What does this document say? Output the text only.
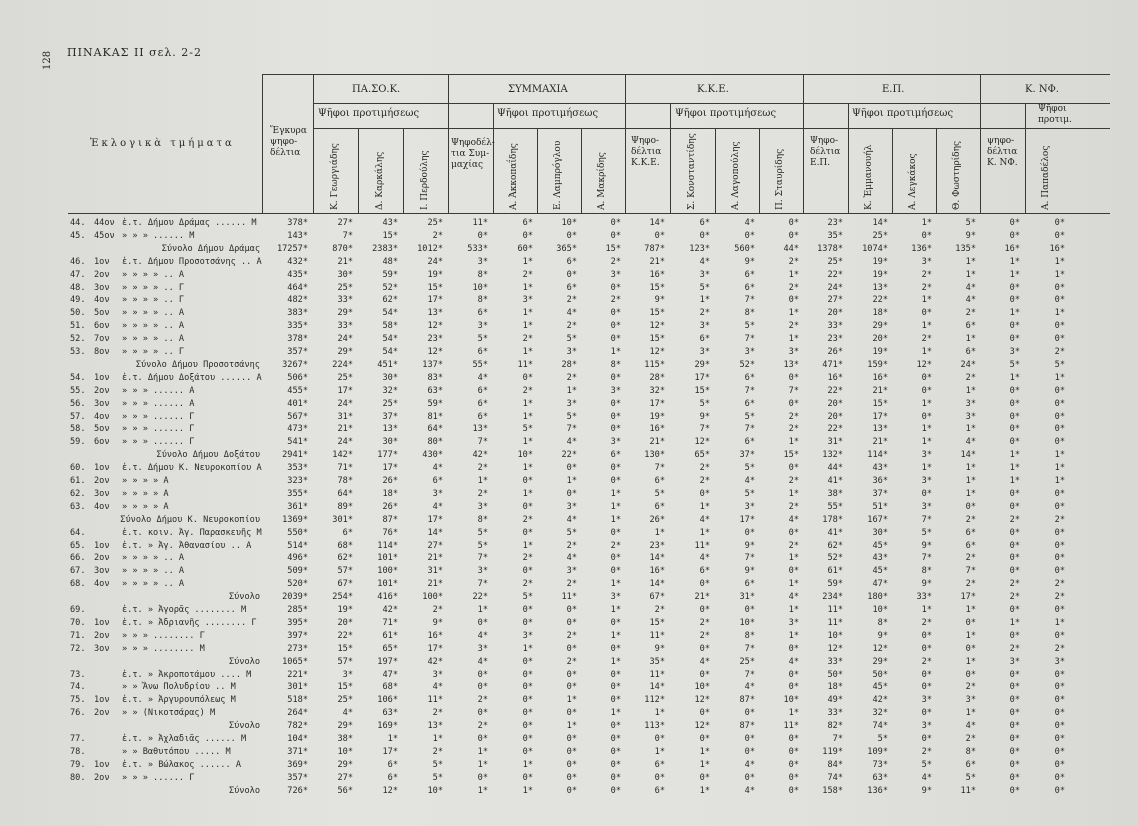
128 ΠΙΝΑΚΑΣ ΙΙ σελ. 2-2
Ἐκλογικὰ τμήματα
Ἔγκυρα
ψηφο-
δέλτια
ΠΑ.ΣΟ.Κ.	ΣΥΜΜΑΧΙΑ	Κ.Κ.Ε.	Ε.Π.	Κ. ΝΦ.
Ψῆφοι προτιμήσεως	Ψῆφοι προτιμήσεως	Ψῆφοι προτιμήσεως	Ψῆφοι προτιμήσεως	Ψῆφοι
προτιμ.
Ψηφοδέλ-
τια Συμ-
μαχίας
Ψηφο-
δέλτια
Κ.Κ.Ε.
Ψηφο-
δέλτια
Ε.Π.
ψηφο-
δέλτια
Κ. ΝΦ.
Κ. Γεωργιάδης	Δ. Καρκάλης	Ι. Περδούλης	Α. Ἀκκοπαΐδης	Ε. Λαμπρόγλου	Α. Μακρίδης	Σ. Κονσταντίδης	Α. Λαγοπούλης	Π. Σταυρίδης	Κ. Ἐμμανουήλ	Α. Λεγκάκος	Θ. Φωστηρίδης	Α. Παπαδέλος
44. 44ον ἐ.τ. Δήμου Δράμας ...... Μ	378*	27*	43*	25*	11*	6*	10*	0*	14*	6*	4*	0*	23*	14*	1*	5*	0*	0*
45. 45ον » » » ...... Μ	143*	7*	15*	2*	0*	0*	0*	0*	0*	0*	0*	0*	35*	25*	0*	9*	0*	0*
Σύνολο Δήμου Δράμας	17257*	870*	2383*	1012*	533*	60*	365*	15*	787*	123*	560*	44*	1378*	1074*	136*	135*	16*	16*
46. 1ον	ἐ.τ. Δήμου Προσοτσάνης .. Α	432*	21*	48*	24*	3*	1*	6*	2*	21*	4*	9*	2*	25*	19*	3*	1*	1*	1*
47. 2ον	» » » » .. Α	435*	30*	59*	19*	8*	2*	0*	3*	16*	3*	6*	1*	22*	19*	2*	1*	1*	1*
48. 3ον	» » » » .. Γ	464*	25*	52*	15*	10*	1*	6*	0*	15*	5*	6*	2*	24*	13*	2*	4*	0*	0*
49. 4ον	» » » » .. Γ	482*	33*	62*	17*	8*	3*	2*	2*	9*	1*	7*	0*	27*	22*	1*	4*	0*	0*
50. 5ον	» » » » .. Α	383*	29*	54*	13*	6*	1*	4*	0*	15*	2*	8*	1*	20*	18*	0*	2*	1*	1*
51. 6ον	» » » » .. Α	335*	33*	58*	12*	3*	1*	2*	0*	12*	3*	5*	2*	33*	29*	1*	6*	0*	0*
52. 7ον	» » » » .. Α	378*	24*	54*	23*	5*	2*	5*	0*	15*	6*	7*	1*	23*	20*	2*	1*	0*	0*
53. 8ον	» » » » .. Γ	357*	29*	54*	12*	6*	1*	3*	1*	12*	3*	3*	3*	26*	19*	1*	6*	3*	2*
Σύνολο Δήμου Προσοτσάνης	3267*	224*	451*	137*	55*	11*	28*	8*	115*	29*	52*	13*	471*	159*	12*	24*	5*	5*
54. 1ον	ἐ.τ. Δήμου Δοξάτου ...... Α	506*	25*	30*	83*	4*	0*	2*	0*	28*	17*	6*	0*	16*	16*	0*	2*	1*	1*
55. 2ον	» » » ...... Α	455*	17*	32*	63*	6*	2*	1*	3*	32*	15*	7*	7*	22*	21*	0*	1*	0*	0*
56. 3ον	» » » ...... Α	401*	24*	25*	59*	6*	1*	3*	0*	17*	5*	6*	0*	20*	15*	1*	3*	0*	0*
57. 4ον	» » » ...... Γ	567*	31*	37*	81*	6*	1*	5*	0*	19*	9*	5*	2*	20*	17*	0*	3*	0*	0*
58. 5ον	» » » ...... Γ	473*	21*	13*	64*	13*	5*	7*	0*	16*	7*	7*	2*	22*	13*	1*	1*	0*	0*
59. 6ον	» » » ...... Γ	541*	24*	30*	80*	7*	1*	4*	3*	21*	12*	6*	1*	31*	21*	1*	4*	0*	0*
Σύνολο Δήμου Δοξάτου	2941*	142*	177*	430*	42*	10*	22*	6*	130*	65*	37*	15*	132*	114*	3*	14*	1*	1*
60. 1ον	ἐ.τ. Δήμου Κ. Νευροκοπίου Α	353*	71*	17*	4*	2*	1*	0*	0*	7*	2*	5*	0*	44*	43*	1*	1*	1*	1*
61. 2ον	» » » » Α	323*	78*	26*	6*	1*	0*	1*	0*	6*	2*	4*	2*	41*	36*	3*	1*	1*	1*
62. 3ον	» » » » Α	355*	64*	18*	3*	2*	1*	0*	1*	5*	0*	5*	1*	38*	37*	0*	1*	0*	0*
63. 4ον	» » » » Α	361*	89*	26*	4*	3*	0*	3*	1*	6*	1*	3*	2*	55*	51*	3*	0*	0*	0*
Σύνολο Δήμου Κ. Νευροκοπίου	1369*	301*	87*	17*	8*	2*	4*	1*	26*	4*	17*	4*	178*	167*	7*	2*	2*	2*
64.	ἐ.τ. κοιν. Ἀγ. Παρασκευῆς Μ	550*	6*	76*	14*	5*	0*	5*	0*	1*	1*	0*	0*	41*	30*	5*	6*	0*	0*
65. 1ον	ἐ.τ. » Ἀγ. Ἀθανασίου .. Α	514*	68*	114*	27*	5*	1*	2*	2*	23*	11*	9*	2*	62*	45*	9*	6*	0*	0*
66. 2ον	» » » » .. Α	496*	62*	101*	21*	7*	2*	4*	0*	14*	4*	7*	1*	52*	43*	7*	2*	0*	0*
67. 3ον	» » » » .. Α	509*	57*	100*	31*	3*	0*	3*	0*	16*	6*	9*	0*	61*	45*	8*	7*	0*	0*
68. 4ον	» » » » .. Α	520*	67*	101*	21*	7*	2*	2*	1*	14*	0*	6*	1*	59*	47*	9*	2*	2*	2*
Σύνολο	2039*	254*	416*	100*	22*	5*	11*	3*	67*	21*	31*	4*	234*	180*	33*	17*	2*	2*
69.	ἐ.τ. » Ἀγορᾶς ........ Μ	285*	19*	42*	2*	1*	0*	0*	1*	2*	0*	0*	1*	11*	10*	1*	1*	0*	0*
70. 1ον	ἐ.τ. » Ἀδριανῆς ........ Γ	395*	20*	71*	9*	0*	0*	0*	0*	15*	2*	10*	3*	11*	8*	2*	0*	1*	1*
71. 2ον	» » » ........ Γ	397*	22*	61*	16*	4*	3*	2*	1*	11*	2*	8*	1*	10*	9*	0*	1*	0*	0*
72. 3ον	» » » ........ Μ	273*	15*	65*	17*	3*	1*	0*	0*	9*	0*	7*	0*	12*	12*	0*	0*	2*	2*
Σύνολο	1065*	57*	197*	42*	4*	0*	2*	1*	35*	4*	25*	4*	33*	29*	2*	1*	3*	3*
73.	ἐ.τ. » Ἀκροποτάμου .... Μ	221*	3*	47*	3*	0*	0*	0*	0*	11*	0*	7*	0*	50*	50*	0*	0*	0*	0*
74.	» » Ἄνω Πολυδρίου .. Μ	301*	15*	68*	4*	0*	0*	0*	0*	14*	10*	4*	0*	18*	45*	0*	2*	0*	0*
75. 1ον	ἐ.τ. » Ἀργυρουπόλεως Μ	518*	25*	106*	11*	2*	0*	1*	0*	112*	12*	87*	10*	49*	42*	3*	3*	0*	0*
76. 2ον	» » (Νικοτσάρας) Μ	264*	4*	63*	2*	0*	0*	0*	1*	1*	0*	0*	1*	33*	32*	0*	1*	0*	0*
Σύνολο	782*	29*	169*	13*	2*	0*	1*	0*	113*	12*	87*	11*	82*	74*	3*	4*	0*	0*
77.	ἐ.τ. » Ἀχλαδιᾶς ...... Μ	104*	38*	1*	1*	0*	0*	0*	0*	0*	0*	0*	0*	7*	5*	0*	2*	0*	0*
78.	» » Βαθυτόπου ..... Μ	371*	10*	17*	2*	1*	0*	0*	0*	1*	1*	0*	0*	119*	109*	2*	8*	0*	0*
79. 1ον	ἐ.τ. » Βώλακος ...... Α	369*	29*	6*	5*	1*	1*	0*	0*	6*	1*	4*	0*	84*	73*	5*	6*	0*	0*
80. 2ον	» » » ...... Γ	357*	27*	6*	5*	0*	0*	0*	0*	0*	0*	0*	0*	74*	63*	4*	5*	0*	0*
Σύνολο	726*	56*	12*	10*	1*	1*	0*	0*	6*	1*	4*	0*	158*	136*	9*	11*	0*	0*
